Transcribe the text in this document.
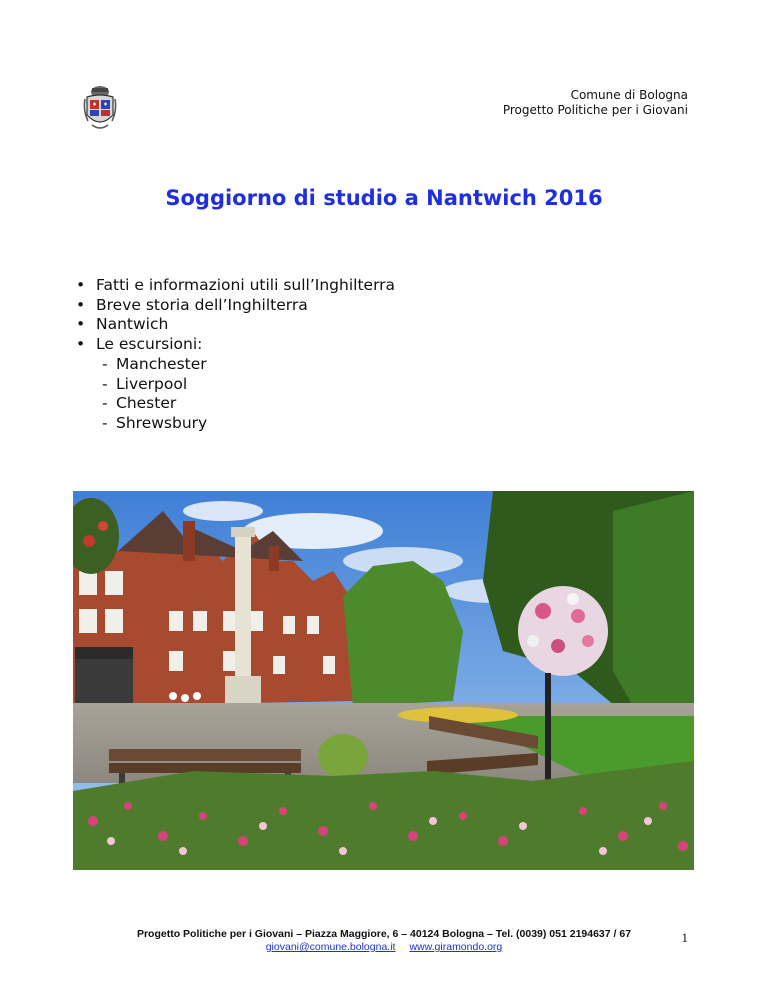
Comune di Bologna
Progetto Politiche per i Giovani
Soggiorno di studio a Nantwich 2016
• Fatti e informazioni utili sull’Inghilterra
• Breve storia dell’Inghilterra
• Nantwich
• Le escursioni:
- Manchester
- Liverpool
- Chester
- Shrewsbury
Progetto Politiche per i Giovani – Piazza Maggiore, 6 – 40124 Bologna – Tel. (0039) 051 2194637 / 67
giovani@comune.bologna.it www.giramondo.org
1
